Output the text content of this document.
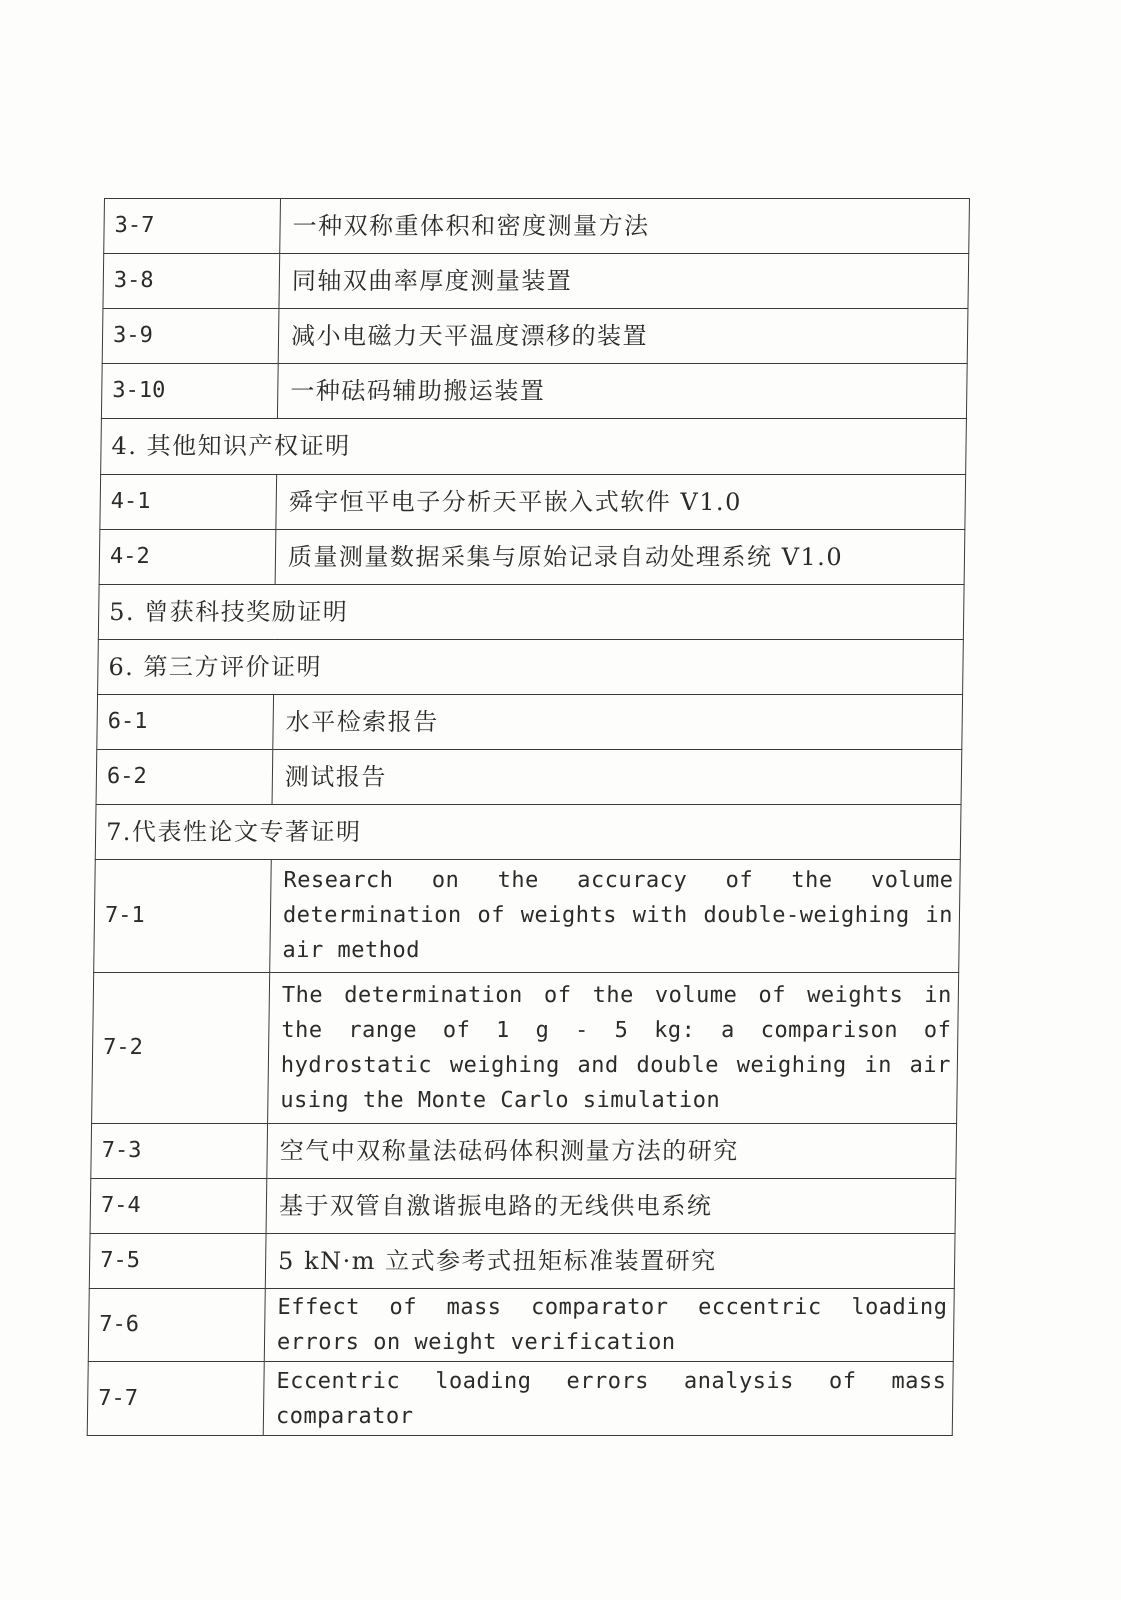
3-7	一种双称重体积和密度测量方法
3-8	同轴双曲率厚度测量装置
3-9	减小电磁力天平温度漂移的装置
3-10	一种砝码辅助搬运装置
4. 其他知识产权证明	
4-1	舜宇恒平电子分析天平嵌入式软件 V1.0
4-2	质量测量数据采集与原始记录自动处理系统 V1.0
5. 曾获科技奖励证明	
6. 第三方评价证明	
6-1	水平检索报告
6-2	测试报告
7.代表性论文专著证明	
7-1	Research on the accuracy of the volume determination of weights with double-weighing in air method
7-2	The determination of the volume of weights in the range of 1 g - 5 kg: a comparison of hydrostatic weighing and double weighing in air using the Monte Carlo simulation
7-3	空气中双称量法砝码体积测量方法的研究
7-4	基于双管自激谐振电路的无线供电系统
7-5	5 kN·m 立式参考式扭矩标准装置研究
7-6	Effect of mass comparator eccentric loading errors on weight verification
7-7	Eccentric loading errors analysis of mass comparator
